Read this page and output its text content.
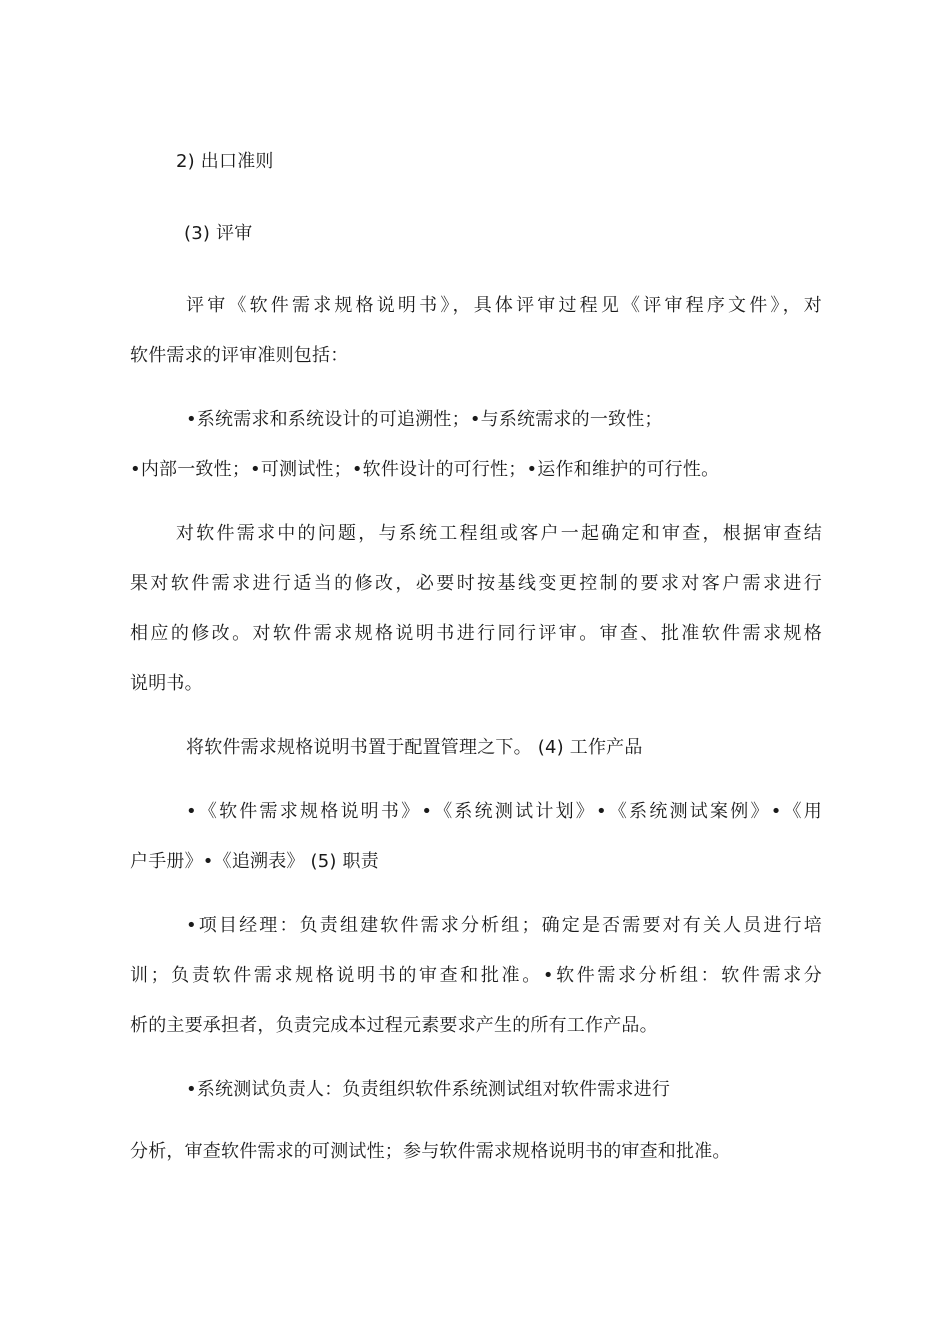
2) 出口准则
(3) 评审
评审《软件需求规格说明书》，具体评审过程见《评审程序文件》，对
软件需求的评审准则包括：
•系统需求和系统设计的可追溯性；•与系统需求的一致性；
•内部一致性；•可测试性；•软件设计的可行性；•运作和维护的可行性。
对软件需求中的问题，与系统工程组或客户一起确定和审查，根据审查结
果对软件需求进行适当的修改，必要时按基线变更控制的要求对客户需求进行
相应的修改。对软件需求规格说明书进行同行评审。审查、批准软件需求规格
说明书。
将软件需求规格说明书置于配置管理之下。 (4) 工作产品
•《软件需求规格说明书》•《系统测试计划》•《系统测试案例》•《用
户手册》•《追溯表》 (5) 职责
•项目经理：负责组建软件需求分析组；确定是否需要对有关人员进行培
训；负责软件需求规格说明书的审查和批准。•软件需求分析组：软件需求分
析的主要承担者，负责完成本过程元素要求产生的所有工作产品。
•系统测试负责人：负责组织软件系统测试组对软件需求进行
分析，审查软件需求的可测试性；参与软件需求规格说明书的审查和批准。
